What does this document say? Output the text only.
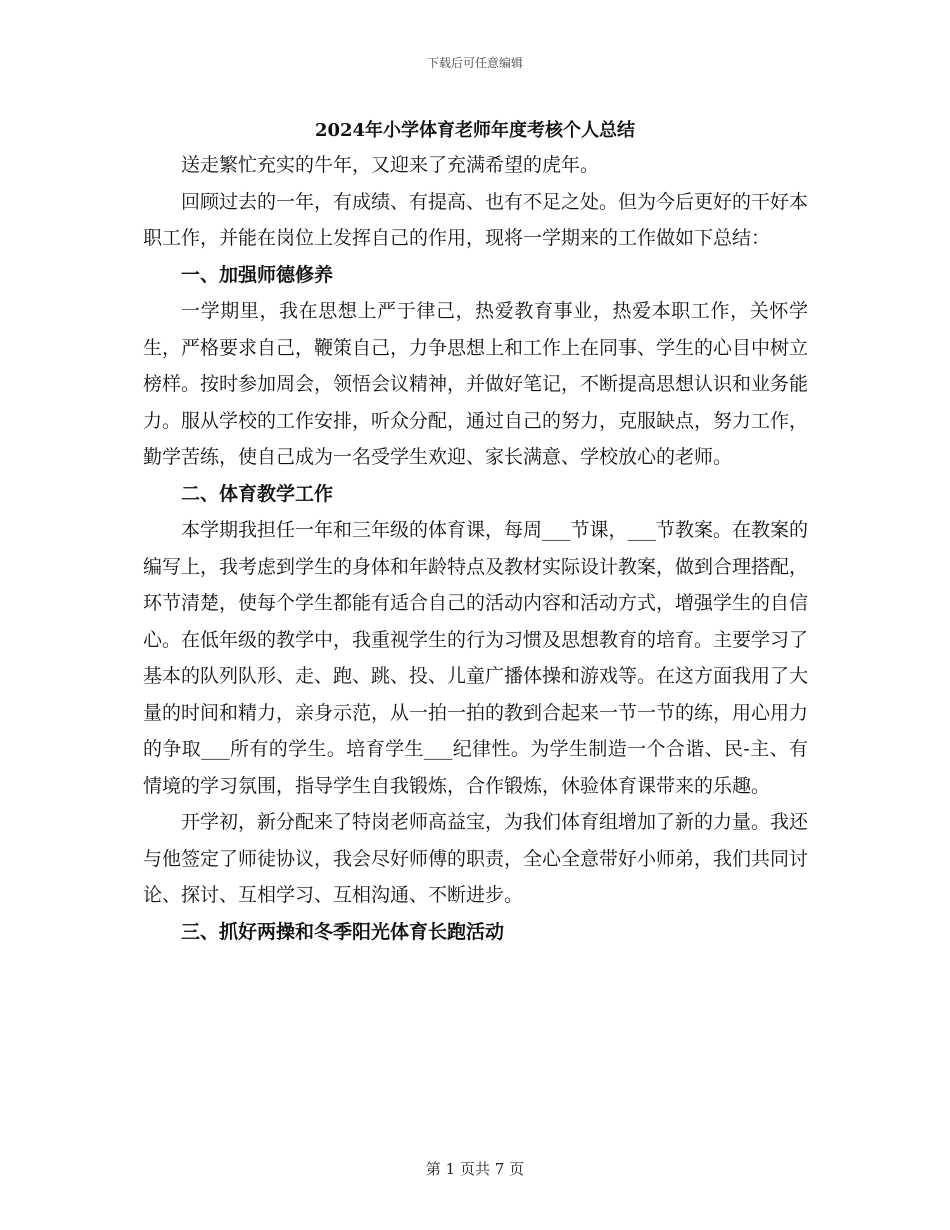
下载后可任意编辑
2024年小学体育老师年度考核个人总结

送走繁忙充实的牛年，又迎来了充满希望的虎年。

回顾过去的一年，有成绩、有提高、也有不足之处。但为今后更好的干好本职工作，并能在岗位上发挥自己的作用，现将一学期来的工作做如下总结：

一、加强师德修养

一学期里，我在思想上严于律己，热爱教育事业，热爱本职工作，关怀学生，严格要求自己，鞭策自己，力争思想上和工作上在同事、学生的心目中树立榜样。按时参加周会，领悟会议精神，并做好笔记，不断提高思想认识和业务能力。服从学校的工作安排，听众分配，通过自己的努力，克服缺点，努力工作，勤学苦练，使自己成为一名受学生欢迎、家长满意、学校放心的老师。

二、体育教学工作

本学期我担任一年和三年级的体育课，每周___节课，___节教案。在教案的编写上，我考虑到学生的身体和年龄特点及教材实际设计教案，做到合理搭配，环节清楚，使每个学生都能有适合自己的活动内容和活动方式，增强学生的自信心。在低年级的教学中，我重视学生的行为习惯及思想教育的培育。主要学习了基本的队列队形、走、跑、跳、投、儿童广播体操和游戏等。在这方面我用了大量的时间和精力，亲身示范，从一拍一拍的教到合起来一节一节的练，用心用力的争取___所有的学生。培育学生___纪律性。为学生制造一个合谐、民-主、有情境的学习氛围，指导学生自我锻炼，合作锻炼，休验体育课带来的乐趣。

开学初，新分配来了特岗老师高益宝，为我们体育组增加了新的力量。我还与他签定了师徒协议，我会尽好师傅的职责，全心全意带好小师弟，我们共同讨论、探讨、互相学习、互相沟通、不断进步。

三、抓好两操和冬季阳光体育长跑活动

第 1 页共 7 页
